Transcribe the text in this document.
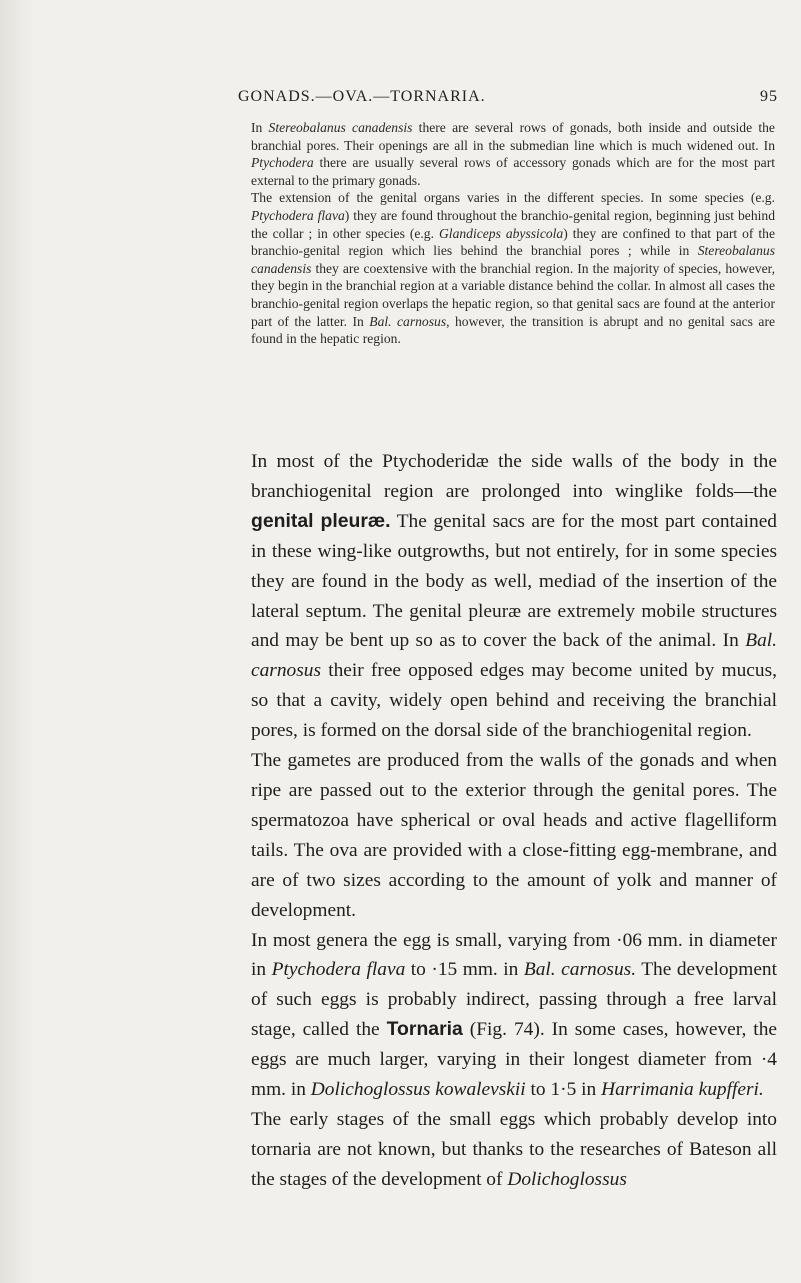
GONADS.—OVA.—TORNARIA.	95

In Stereobalanus canadensis there are several rows of gonads, both inside and outside the branchial pores. Their openings are all in the submedian line which is much widened out. In Ptychodera there are usually several rows of accessory gonads which are for the most part external to the primary gonads.

The extension of the genital organs varies in the different species. In some species (e.g. Ptychodera flava) they are found throughout the branchio-genital region, beginning just behind the collar ; in other species (e.g. Glandiceps abyssicola) they are confined to that part of the branchio-genital region which lies behind the branchial pores ; while in Stereobalanus canadensis they are coextensive with the branchial region. In the majority of species, however, they begin in the branchial region at a variable distance behind the collar. In almost all cases the branchio-genital region overlaps the hepatic region, so that genital sacs are found at the anterior part of the latter. In Bal. carnosus, however, the transition is abrupt and no genital sacs are found in the hepatic region.

In most of the Ptychoderidæ the side walls of the body in the branchiogenital region are prolonged into winglike folds—the genital pleuræ. The genital sacs are for the most part contained in these wing-like outgrowths, but not entirely, for in some species they are found in the body as well, mediad of the insertion of the lateral septum. The genital pleuræ are extremely mobile structures and may be bent up so as to cover the back of the animal. In Bal. carnosus their free opposed edges may become united by mucus, so that a cavity, widely open behind and receiving the branchial pores, is formed on the dorsal side of the branchiogenital region.

The gametes are produced from the walls of the gonads and when ripe are passed out to the exterior through the genital pores. The spermatozoa have spherical or oval heads and active flagelliform tails. The ova are provided with a close-fitting egg-membrane, and are of two sizes according to the amount of yolk and manner of development.

In most genera the egg is small, varying from ·06 mm. in diameter in Ptychodera flava to ·15 mm. in Bal. carnosus. The development of such eggs is probably indirect, passing through a free larval stage, called the Tornaria (Fig. 74). In some cases, however, the eggs are much larger, varying in their longest diameter from ·4 mm. in Dolichoglossus kowalevskii to 1·5 in Harrimania kupfferi.

The early stages of the small eggs which probably develop into tornaria are not known, but thanks to the researches of Bateson all the stages of the development of Dolichoglossus
